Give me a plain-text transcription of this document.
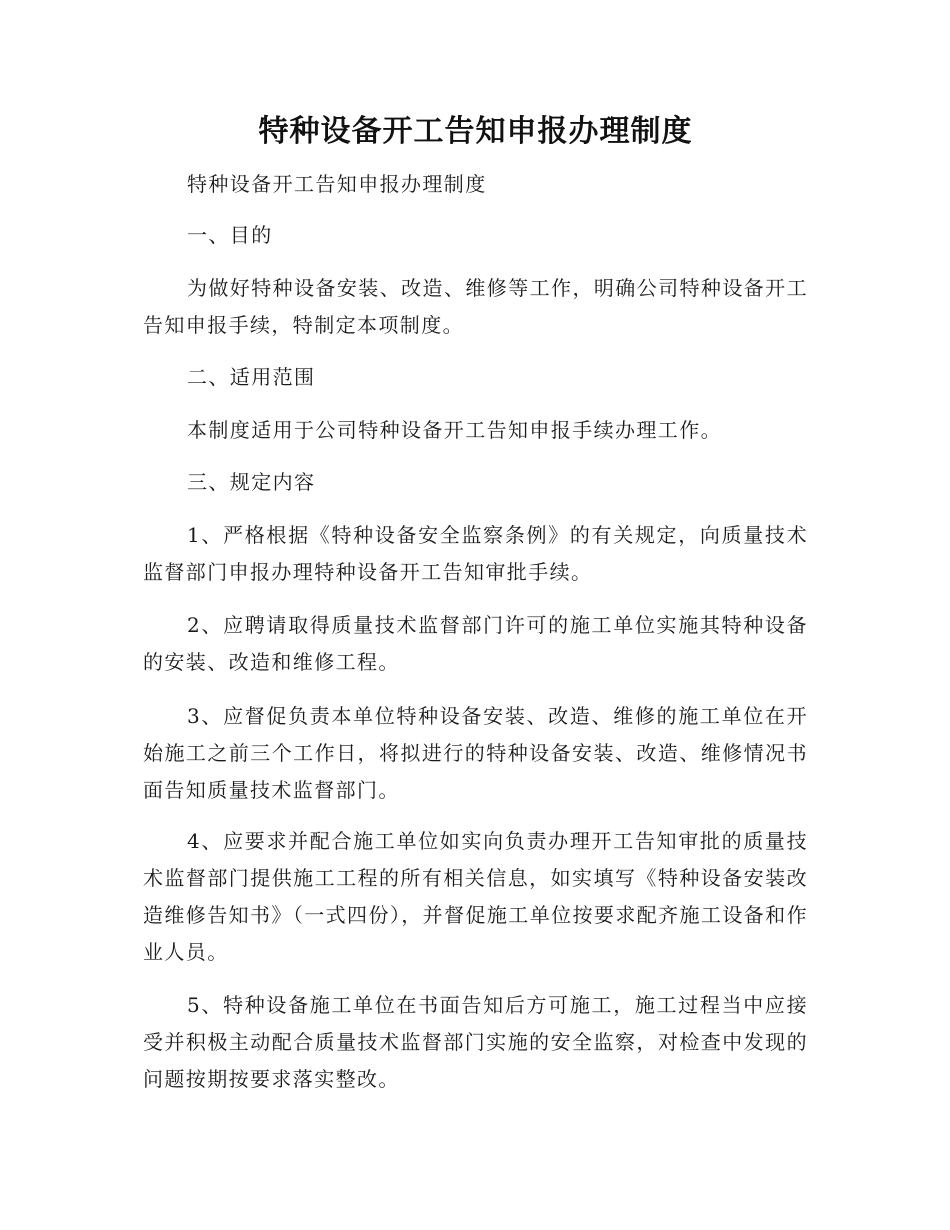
特种设备开工告知申报办理制度

特种设备开工告知申报办理制度

一、目的

为做好特种设备安装、改造、维修等工作，明确公司特种设备开工告知申报手续，特制定本项制度。

二、适用范围

本制度适用于公司特种设备开工告知申报手续办理工作。

三、规定内容

1、严格根据《特种设备安全监察条例》的有关规定，向质量技术监督部门申报办理特种设备开工告知审批手续。

2、应聘请取得质量技术监督部门许可的施工单位实施其特种设备的安装、改造和维修工程。

3、应督促负责本单位特种设备安装、改造、维修的施工单位在开始施工之前三个工作日，将拟进行的特种设备安装、改造、维修情况书面告知质量技术监督部门。

4、应要求并配合施工单位如实向负责办理开工告知审批的质量技术监督部门提供施工工程的所有相关信息，如实填写《特种设备安装改造维修告知书》（一式四份），并督促施工单位按要求配齐施工设备和作业人员。

5、特种设备施工单位在书面告知后方可施工，施工过程当中应接受并积极主动配合质量技术监督部门实施的安全监察，对检查中发现的问题按期按要求落实整改。
